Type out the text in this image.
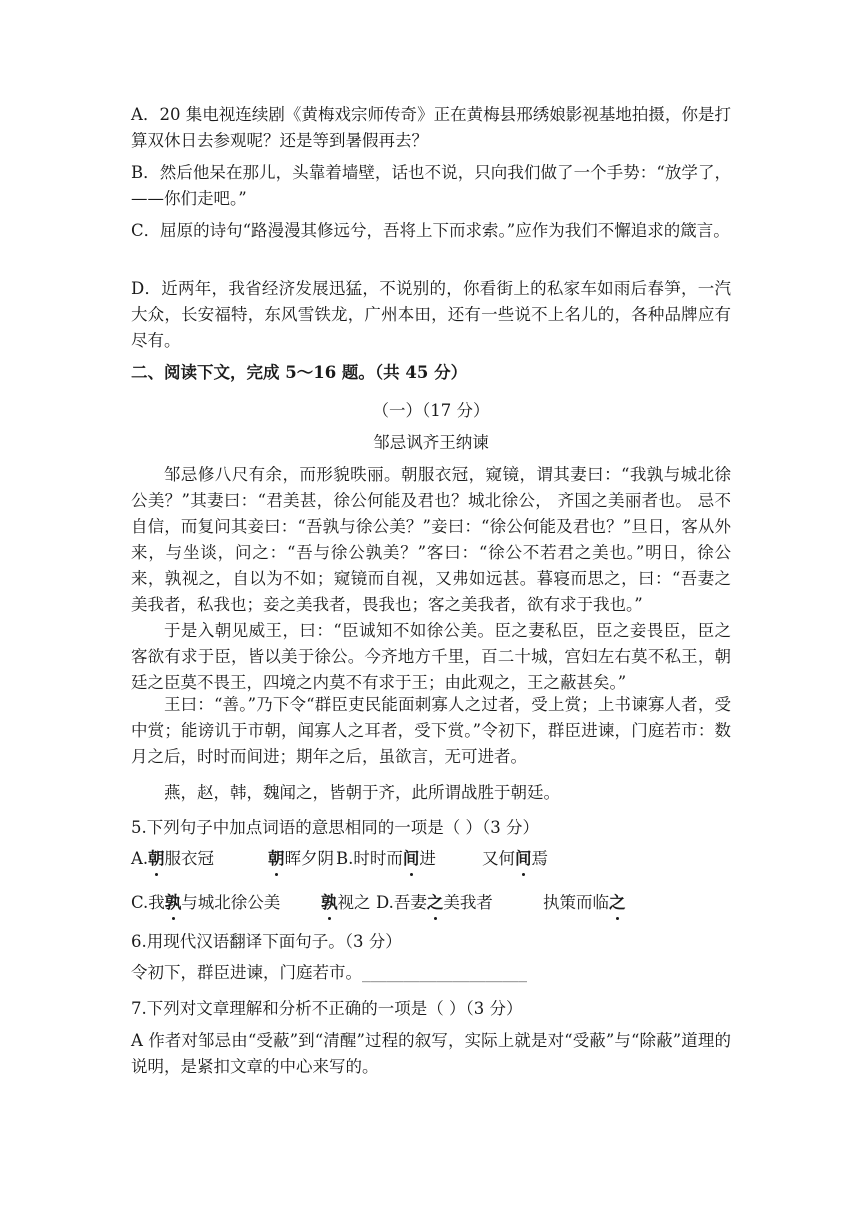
A．20 集电视连续剧《黄梅戏宗师传奇》正在黄梅县邢绣娘影视基地拍摄，你是打算双休日去参观呢？还是等到暑假再去？

B．然后他呆在那儿，头靠着墙壁，话也不说，只向我们做了一个手势：“放学了，——你们走吧。”

C．屈原的诗句“路漫漫其修远兮，吾将上下而求索。”应作为我们不懈追求的箴言。

D．近两年，我省经济发展迅猛，不说别的，你看街上的私家车如雨后春笋，一汽大众，长安福特，东风雪铁龙，广州本田，还有一些说不上名儿的，各种品牌应有尽有。

二、阅读下文，完成 5～16 题。（共 45 分）

（一）（17 分）

邹忌讽齐王纳谏

邹忌修八尺有余，而形貌昳丽。朝服衣冠，窥镜，谓其妻曰：“我孰与城北徐公美？”其妻曰：“君美甚，徐公何能及君也？城北徐公， 齐国之美丽者也。 忌不自信，而复问其妾曰：“吾孰与徐公美？”妾曰：“徐公何能及君也？”旦日，客从外来，与坐谈，问之：“吾与徐公孰美？”客曰：“徐公不若君之美也。”明日，徐公来，孰视之，自以为不如；窥镜而自视，又弗如远甚。暮寝而思之，曰：“吾妻之美我者，私我也；妾之美我者，畏我也；客之美我者，欲有求于我也。”

于是入朝见威王，曰：“臣诚知不如徐公美。臣之妻私臣，臣之妾畏臣，臣之客欲有求于臣，皆以美于徐公。今齐地方千里，百二十城，宫妇左右莫不私王，朝廷之臣莫不畏王，四境之内莫不有求于王；由此观之，王之蔽甚矣。”

王曰：“善。”乃下令“群臣吏民能面刺寡人之过者，受上赏；上书谏寡人者，受中赏；能谤讥于市朝，闻寡人之耳者，受下赏。”令初下，群臣进谏，门庭若市：数月之后，时时而间进；期年之后，虽欲言，无可进者。

燕，赵，韩，魏闻之，皆朝于齐，此所谓战胜于朝廷。

5.下列句子中加点词语的意思相同的一项是（ ）（3 分）

A. 朝服衣冠	朝晖夕阴 B.时时而间进	又何间焉
C.我孰与城北徐公美 孰视之 D.吾妻之美我者	执策而临之

6.用现代汉语翻译下面句子。（3 分）

令初下，群臣进谏，门庭若市。____________________

7.下列对文章理解和分析不正确的一项是（ ）（3 分）

A 作者对邹忌由“受蔽”到“清醒”过程的叙写，实际上就是对“受蔽”与“除蔽”道理的说明，是紧扣文章的中心来写的。
